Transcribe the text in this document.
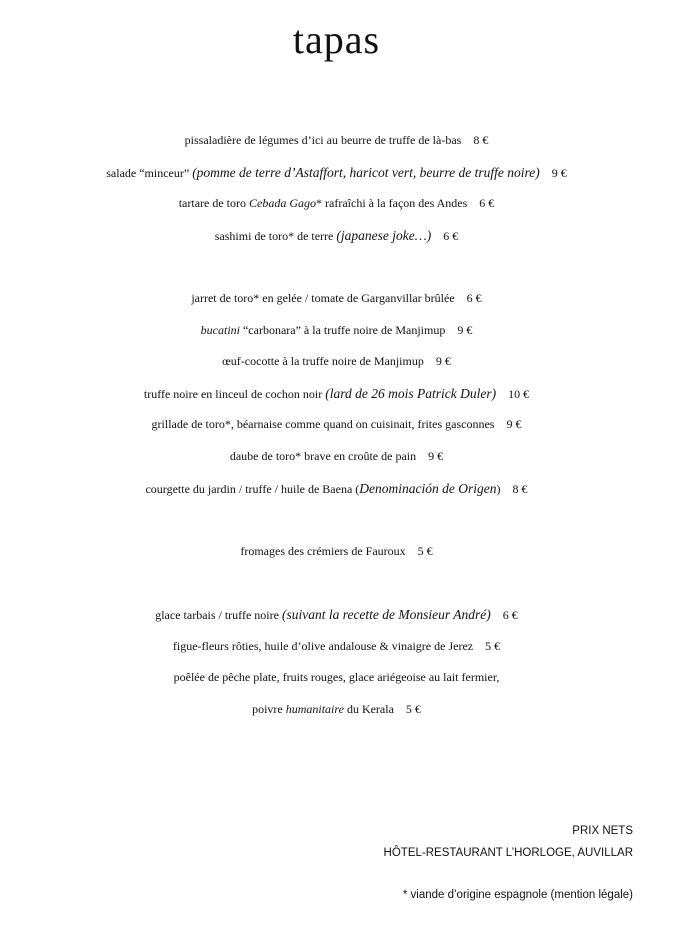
tapas
pissaladière de légumes d’ici au beurre de truffe de là-bas 8 €
salade “minceur” (pomme de terre d’Astaffort, haricot vert, beurre de truffe noire) 9 €
tartare de toro Cebada Gago* rafraîchi à la façon des Andes 6 €
sashimi de toro* de terre (japanese joke…) 6 €
jarret de toro* en gelée / tomate de Garganvillar brûlée 6 €
bucatini “carbonara” à la truffe noire de Manjimup 9 €
œuf-cocotte à la truffe noire de Manjimup 9 €
truffe noire en linceul de cochon noir (lard de 26 mois Patrick Duler) 10 €
grillade de toro*, béarnaise comme quand on cuisinait, frites gasconnes 9 €
daube de toro* brave en croûte de pain 9 €
courgette du jardin / truffe / huile de Baena (Denominación de Origen) 8 €
fromages des crémiers de Fauroux 5 €
glace tarbais / truffe noire (suivant la recette de Monsieur André) 6 €
figue-fleurs rôties, huile d’olive andalouse & vinaigre de Jerez 5 €
poêlée de pêche plate, fruits rouges, glace ariégeoise au lait fermier,
poivre humanitaire du Kerala 5 €
PRIX NETS
HÔTEL-RESTAURANT L’HORLOGE, AUVILLAR
* viande d’origine espagnole (mention légale)
